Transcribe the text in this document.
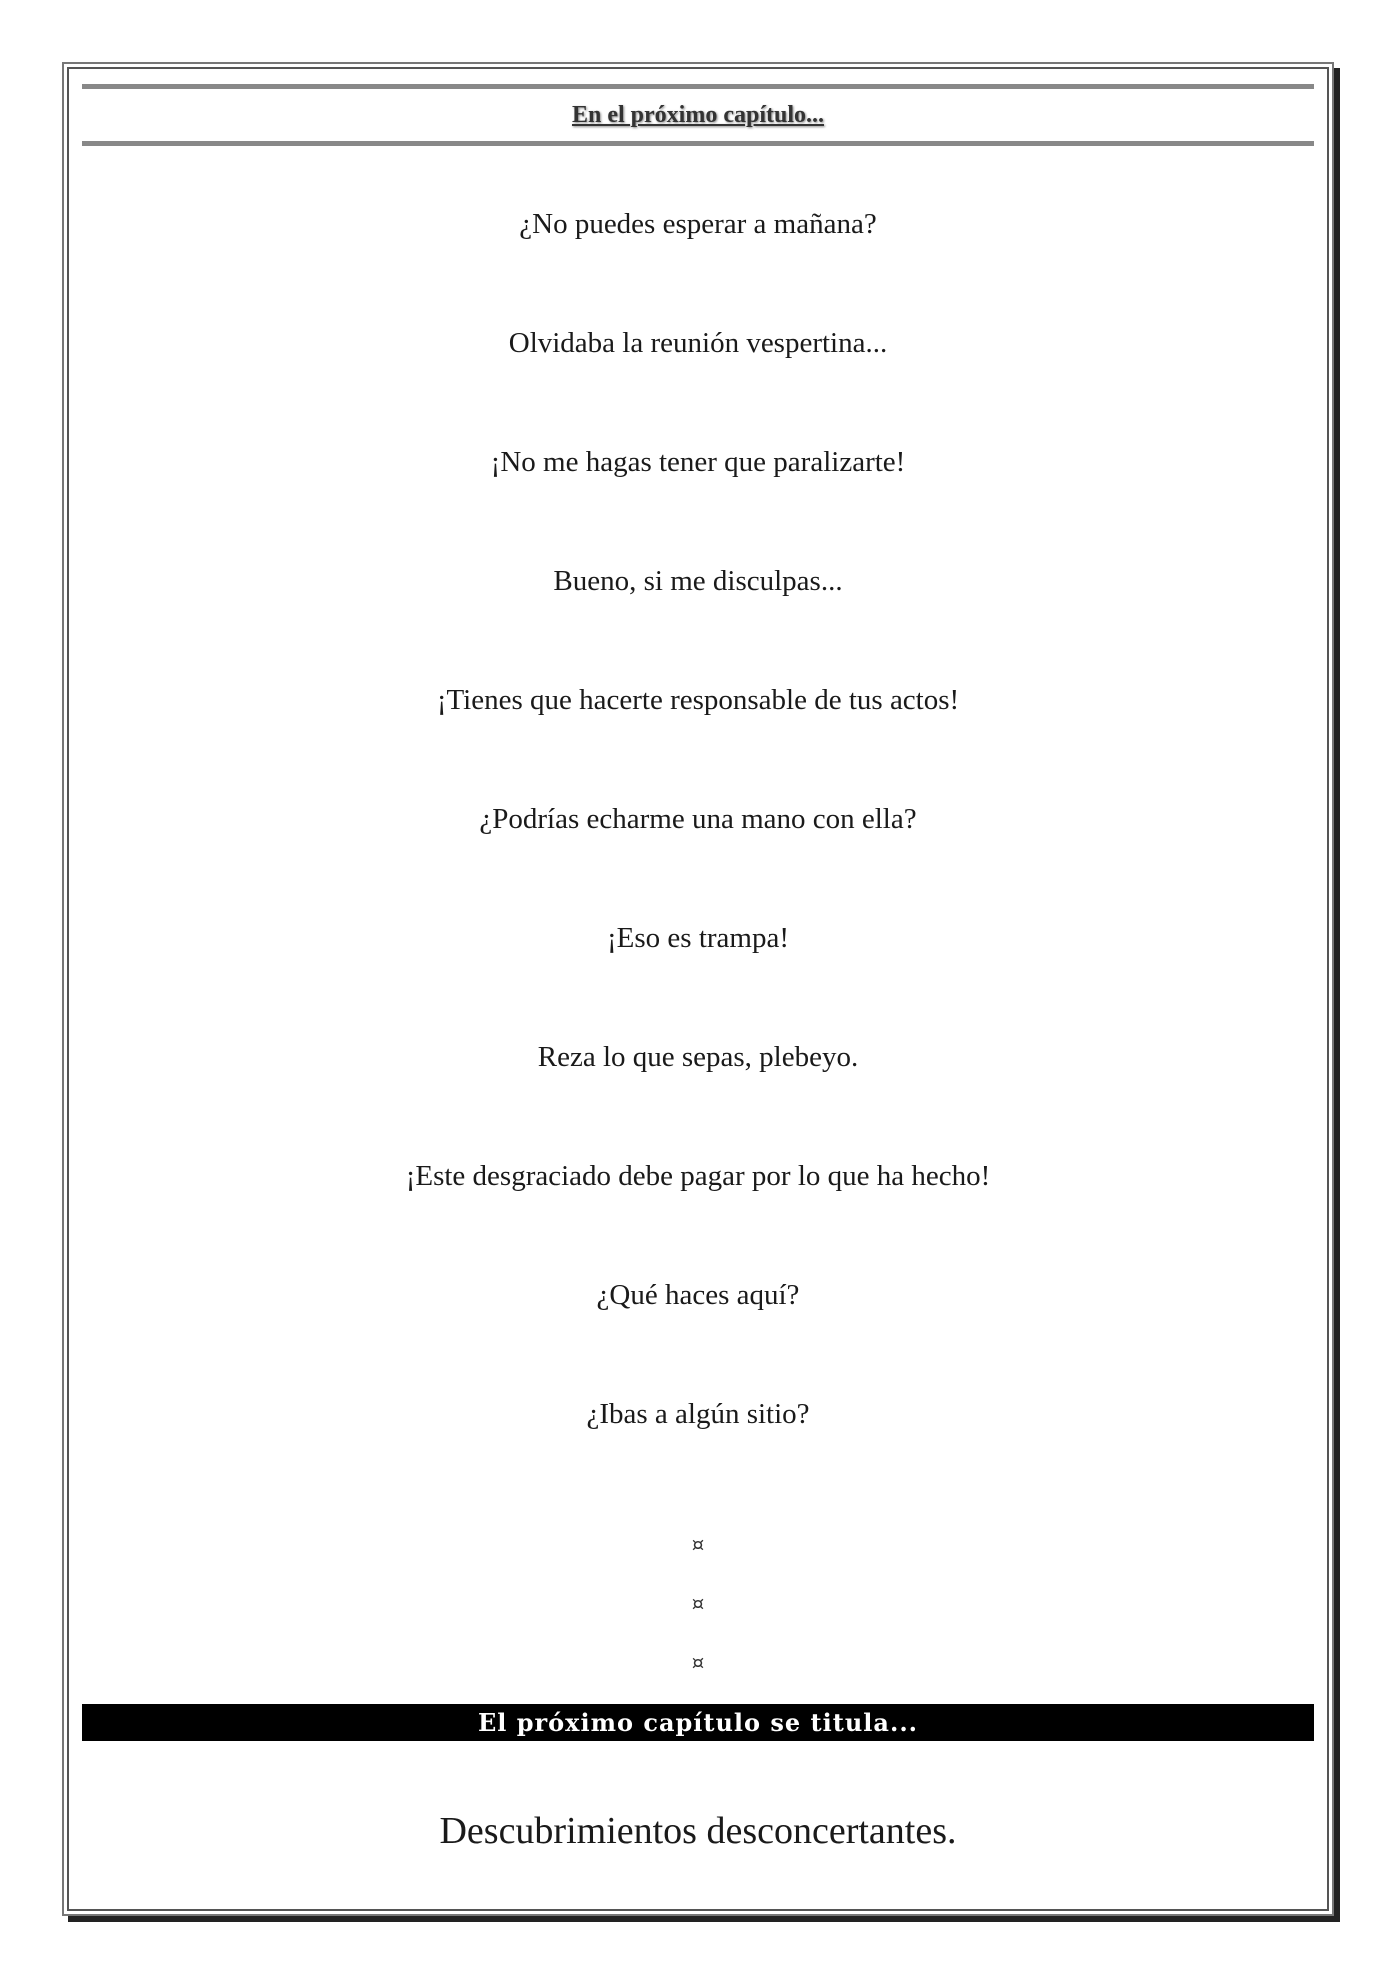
En el próximo capítulo...
¿No puedes esperar a mañana?
Olvidaba la reunión vespertina...
¡No me hagas tener que paralizarte!
Bueno, si me disculpas...
¡Tienes que hacerte responsable de tus actos!
¿Podrías echarme una mano con ella?
¡Eso es trampa!
Reza lo que sepas, plebeyo.
¡Este desgraciado debe pagar por lo que ha hecho!
¿Qué haces aquí?
¿Ibas a algún sitio?
¤
¤
¤
El próximo capítulo se titula...
Descubrimientos desconcertantes.
